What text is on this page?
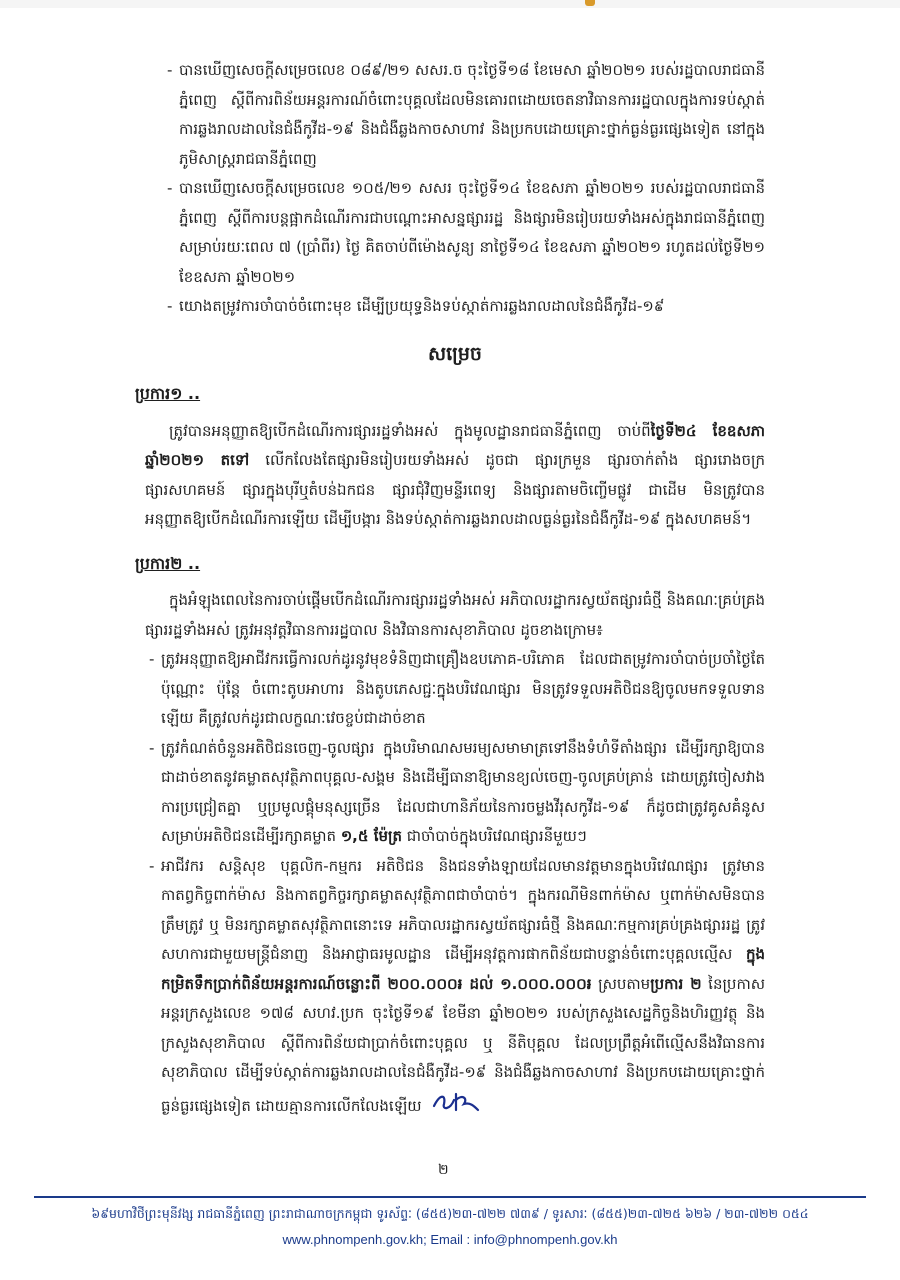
- បានឃើញសេចក្តីសម្រេចលេខ ០៨៩/២១ សសរ.ច ចុះថ្ងៃទី១៨ ខែមេសា ឆ្នាំ២០២១ របស់រដ្ឋបាលរាជធានីភ្នំពេញ ស្តីពីការពិន័យអន្តរការណ៍ចំពោះបុគ្គលដែលមិនគោរពដោយចេតនាវិធានការរដ្ឋបាលក្នុងការទប់ស្កាត់ការឆ្លងរាលដាលនៃជំងឺកូវីដ-១៩ និងជំងឺឆ្លងកាចសាហាវ និងប្រកបដោយគ្រោះថ្នាក់ធ្ងន់ធ្ងរផ្សេងទៀត នៅក្នុងភូមិសាស្ត្ររាជធានីភ្នំពេញ
- បានឃើញសេចក្តីសម្រេចលេខ ១០៥/២១ សសរ ចុះថ្ងៃទី១៤ ខែឧសភា ឆ្នាំ២០២១ របស់រដ្ឋបាលរាជធានីភ្នំពេញ ស្តីពីការបន្តផ្អាកដំណើរការជាបណ្តោះអាសន្នផ្សាររដ្ឋ និងផ្សារមិនរៀបរយទាំងអស់ក្នុងរាជធានីភ្នំពេញ សម្រាប់រយៈពេល ៧ (ប្រាំពីរ) ថ្ងៃ គិតចាប់ពីម៉ោងសូន្យ នាថ្ងៃទី១៤ ខែឧសភា ឆ្នាំ២០២១ រហូតដល់ថ្ងៃទី២១ ខែឧសភា ឆ្នាំ២០២១
- យោងតម្រូវការចាំបាច់ចំពោះមុខ ដើម្បីប្រយុទ្ធនិងទប់ស្កាត់ការឆ្លងរាលដាលនៃជំងឺកូវីដ-១៩
សម្រេច
ប្រការ១ ..

ត្រូវបានអនុញ្ញាតឱ្យបើកដំណើរការផ្សាររដ្ឋទាំងអស់ ក្នុងមូលដ្ឋានរាជធានីភ្នំពេញ ចាប់ពីថ្ងៃទី២៤ ខែឧសភា ឆ្នាំ២០២១ តទៅ លើកលែងតែផ្សារមិនរៀបរយទាំងអស់ ដូចជា ផ្សារក្រមួន ផ្សារចាក់តាំង ផ្សាររោងចក្រ ផ្សារសហគមន៍ ផ្សារក្នុងបុរីឬតំបន់ឯកជន ផ្សារជុំវិញមន្ទីរពេទ្យ និងផ្សារតាមចិញ្ចើមផ្លូវ ជាដើម មិនត្រូវបានអនុញ្ញាតឱ្យបើកដំណើរការឡើយ ដើម្បីបង្ការ និងទប់ស្កាត់ការឆ្លងរាលដាលធ្ងន់ធ្ងរនៃជំងឺកូវីដ-១៩ ក្នុងសហគមន៍។

ប្រការ២ ..

ក្នុងអំឡុងពេលនៃការចាប់ផ្តើមបើកដំណើរការផ្សាររដ្ឋទាំងអស់ អភិបាលរដ្ឋាករស្វយ័តផ្សារធំថ្មី និងគណៈគ្រប់គ្រងផ្សាររដ្ឋទាំងអស់ ត្រូវអនុវត្តវិធានការរដ្ឋបាល និងវិធានការសុខាភិបាល ដូចខាងក្រោម៖

- ត្រូវអនុញ្ញាតឱ្យអាជីវករធ្វើការលក់ដូរនូវមុខទំនិញជាគ្រឿងឧបភោគ-បរិភោគ ដែលជាតម្រូវការចាំបាច់ប្រចាំថ្ងៃតែប៉ុណ្ណោះ ប៉ុន្តែ ចំពោះតូបអាហារ និងតូបភេសជ្ជៈក្នុងបរិវេណផ្សារ មិនត្រូវទទួលអតិថិជនឱ្យចូលមកទទួលទានឡើយ គឺត្រូវលក់ដូរជាលក្ខណៈវេចខ្ចប់ជាដាច់ខាត
- ត្រូវកំណត់ចំនួនអតិថិជនចេញ-ចូលផ្សារ ក្នុងបរិមាណសមរម្យសមាមាត្រទៅនឹងទំហំទីតាំងផ្សារ ដើម្បីរក្សាឱ្យបានជាដាច់ខាតនូវគម្លាតសុវត្ថិភាពបុគ្គល-សង្គម និងដើម្បីធានាឱ្យមានខ្យល់ចេញ-ចូលគ្រប់គ្រាន់ ដោយត្រូវចៀសវាងការប្រជ្រៀតគ្នា ឬប្រមូលផ្តុំមនុស្សច្រើន ដែលជាហានិភ័យនៃការចម្លងវីរុសកូវីដ-១៩ ក៏ដូចជាត្រូវគូសគំនូសសម្រាប់អតិថិជនដើម្បីរក្សាគម្លាត ១,៥ ម៉ែត្រ ជាចាំបាច់ក្នុងបរិវេណផ្សារនីមួយៗ
- អាជីវករ សន្តិសុខ បុគ្គលិក-កម្មករ អតិថិជន និងជនទាំងឡាយដែលមានវត្តមានក្នុងបរិវេណផ្សារ ត្រូវមានកាតព្វកិច្ចពាក់ម៉ាស និងកាតព្វកិច្ចរក្សាគម្លាតសុវត្ថិភាពជាចាំបាច់។ ក្នុងករណីមិនពាក់ម៉ាស ឬពាក់ម៉ាសមិនបានត្រឹមត្រូវ ឬ មិនរក្សាគម្លាតសុវត្ថិភាពនោះទេ អភិបាលរដ្ឋាករស្វយ័តផ្សារធំថ្មី និងគណៈកម្មការគ្រប់គ្រងផ្សាររដ្ឋ ត្រូវសហការជាមួយមន្ត្រីជំនាញ និងអាជ្ញាធរមូលដ្ឋាន ដើម្បីអនុវត្តការផាកពិន័យជាបន្ទាន់ចំពោះបុគ្គលល្មើស ក្នុងកម្រិតទឹកប្រាក់ពិន័យអន្តរការណ៍ចន្លោះពី ២០០.០០០៛ ដល់ ១.០០០.០០០៛ ស្របតាមប្រការ ២ នៃប្រកាសអន្តរក្រសួងលេខ ១៧៨ សហវ.ប្រក ចុះថ្ងៃទី១៩ ខែមីនា ឆ្នាំ២០២១ របស់ក្រសួងសេដ្ឋកិច្ចនិងហិរញ្ញវត្ថុ និងក្រសួងសុខាភិបាល ស្តីពីការពិន័យជាប្រាក់ចំពោះបុគ្គល ឬ នីតិបុគ្គល ដែលប្រព្រឹត្តអំពើល្មើសនឹងវិធានការសុខាភិបាល ដើម្បីទប់ស្កាត់ការឆ្លងរាលដាលនៃជំងឺកូវីដ-១៩ និងជំងឺឆ្លងកាចសាហាវ និងប្រកបដោយគ្រោះថ្នាក់ធ្ងន់ធ្ងរផ្សេងទៀត ដោយគ្មានការលើកលែងឡើយ
២
៦៩មហាវិថីព្រះមុនីវង្ស រាជធានីភ្នំពេញ ព្រះរាជាណាចក្រកម្ពុជា ទូរស័ព្ទៈ (៨៥៥)២៣-៧២២ ៧៣៩ / ទូរសារៈ (៨៥៥)២៣-៧២៥ ៦២៦ / ២៣-៧២២ ០៥៤
www.phnompenh.gov.kh; Email : info@phnompenh.gov.kh
